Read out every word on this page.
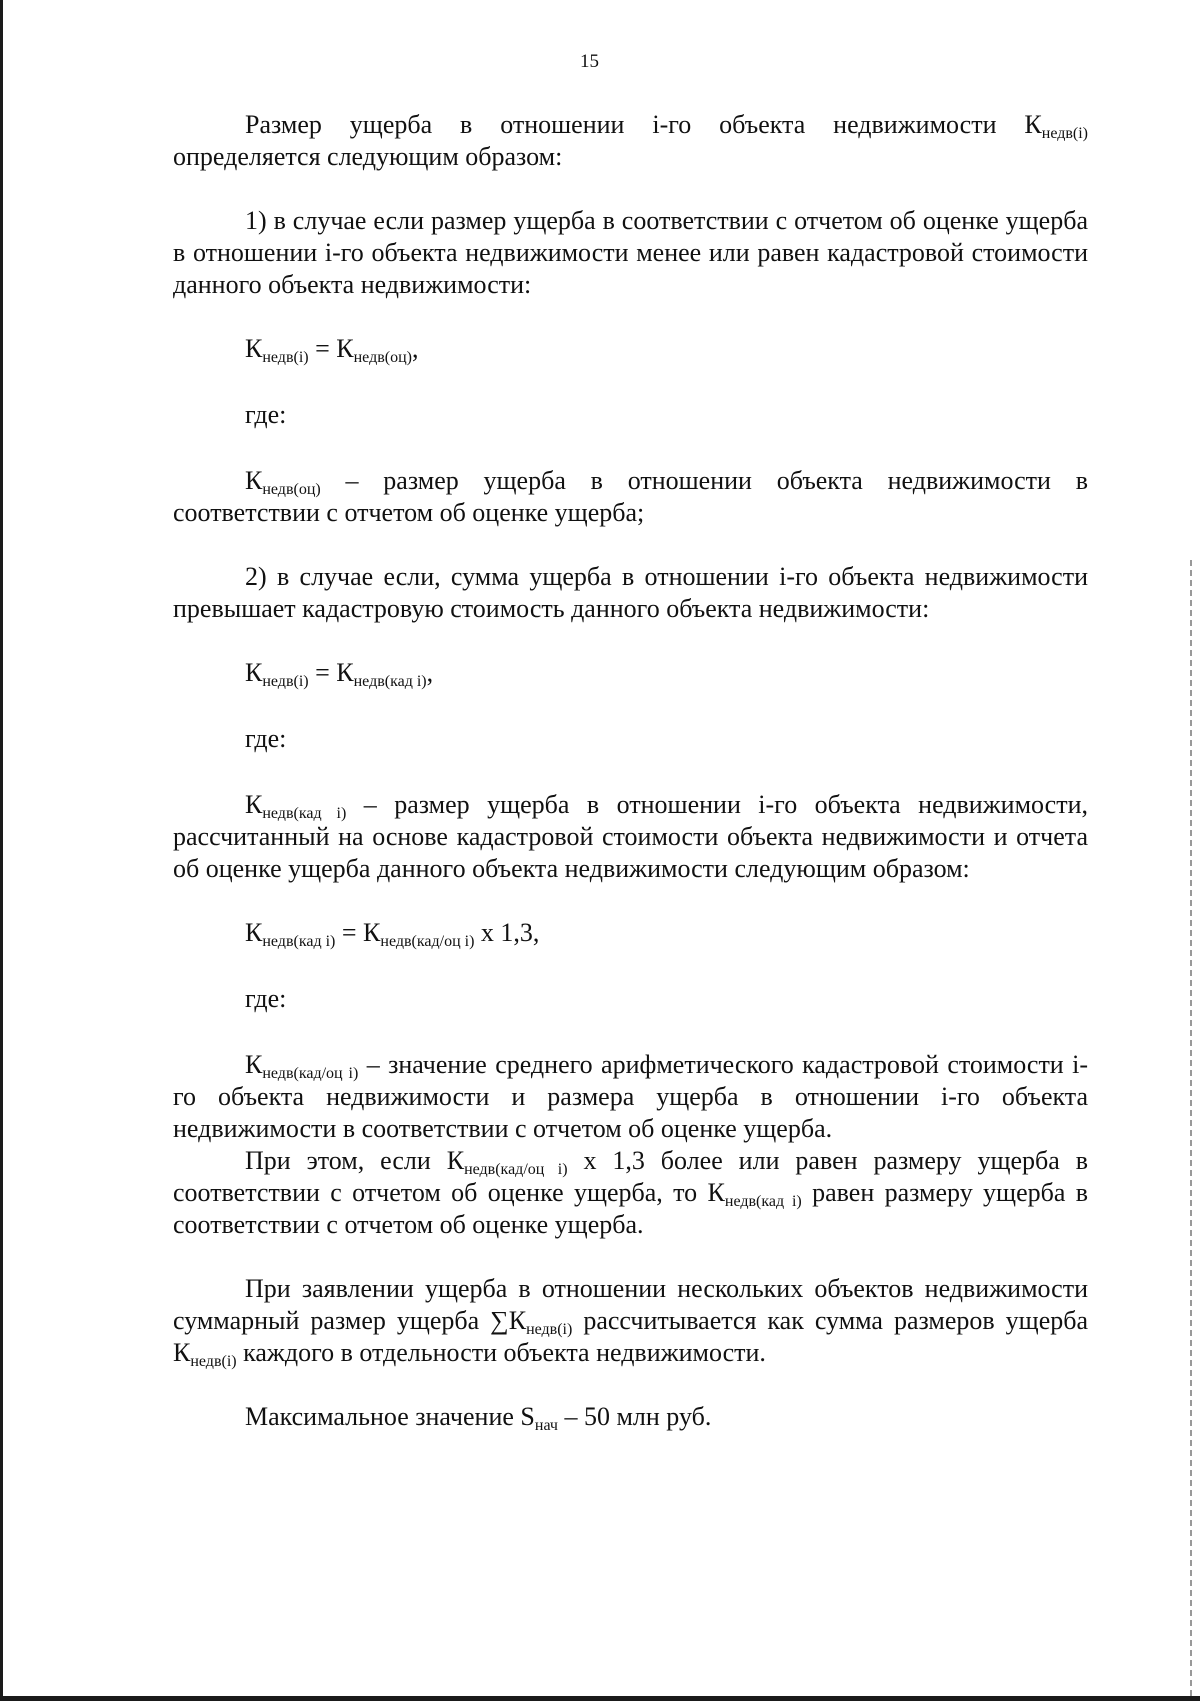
15

Размер ущерба в отношении i-го объекта недвижимости $К_{недв(i)}$ определяется следующим образом:

1) в случае если размер ущерба в соответствии с отчетом об оценке ущерба в отношении i-го объекта недвижимости менее или равен кадастровой стоимости данного объекта недвижимости:

$К_{недв(i)} = К_{недв(оц)}$,

где:

$К_{недв(оц)}$ – размер ущерба в отношении объекта недвижимости в соответствии с отчетом об оценке ущерба;

2) в случае если, сумма ущерба в отношении i-го объекта недвижимости превышает кадастровую стоимость данного объекта недвижимости:

$К_{недв(i)} = К_{недв(кад i)}$,

где:

$К_{недв(кад i)}$ – размер ущерба в отношении i-го объекта недвижимости, рассчитанный на основе кадастровой стоимости объекта недвижимости и отчета об оценке ущерба данного объекта недвижимости следующим образом:

$К_{недв(кад i)} = К_{недв(кад/оц i)}$ х 1,3,

где:

$К_{недв(кад/оц i)}$ – значение среднего арифметического кадастровой стоимости i-го объекта недвижимости и размера ущерба в отношении i-го объекта недвижимости в соответствии с отчетом об оценке ущерба.

При этом, если $К_{недв(кад/оц i)}$ х 1,3 более или равен размеру ущерба в соответствии с отчетом об оценке ущерба, то $К_{недв(кад i)}$ равен размеру ущерба в соответствии с отчетом об оценке ущерба.

При заявлении ущерба в отношении нескольких объектов недвижимости суммарный размер ущерба $\sum К_{недв(i)}$ рассчитывается как сумма размеров ущерба $К_{недв(i)}$ каждого в отдельности объекта недвижимости.

Максимальное значение $S_{нач} - 50$ млн руб.
